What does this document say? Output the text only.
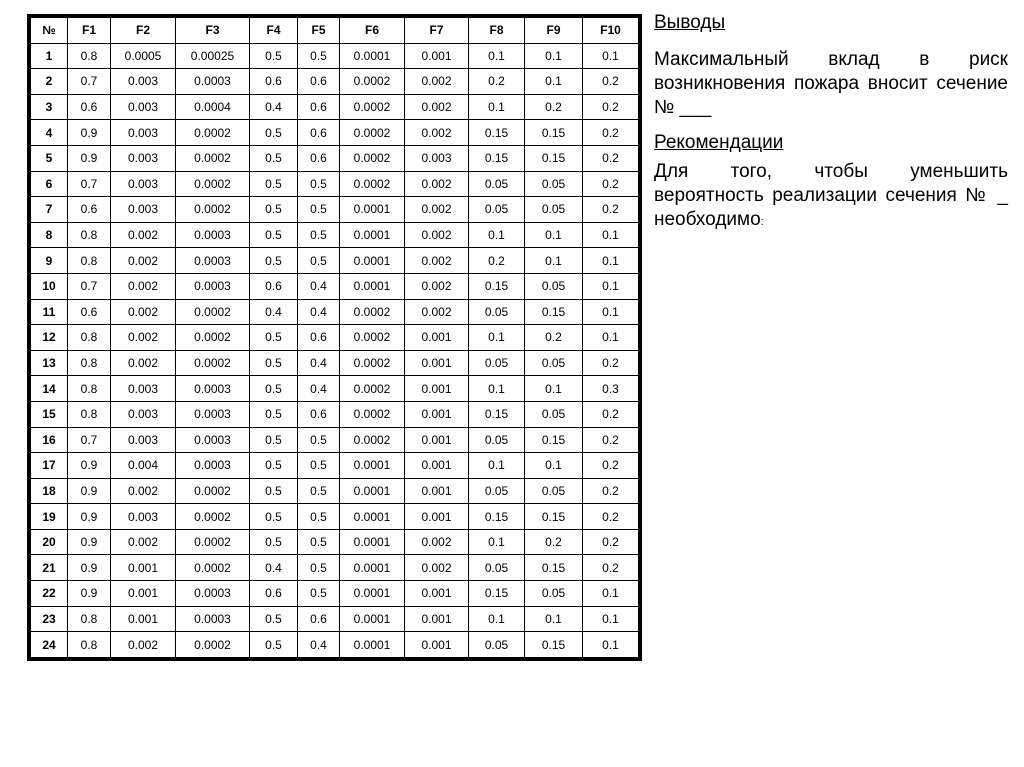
№	F1	F2	F3	F4	F5	F6	F7	F8	F9	F10
1	0.8	0.0005	0.00025	0.5	0.5	0.0001	0.001	0.1	0.1	0.1
2	0.7	0.003	0.0003	0.6	0.6	0.0002	0.002	0.2	0.1	0.2
3	0.6	0.003	0.0004	0.4	0.6	0.0002	0.002	0.1	0.2	0.2
4	0.9	0.003	0.0002	0.5	0.6	0.0002	0.002	0.15	0.15	0.2
5	0.9	0.003	0.0002	0.5	0.6	0.0002	0.003	0.15	0.15	0.2
6	0.7	0.003	0.0002	0.5	0.5	0.0002	0.002	0.05	0.05	0.2
7	0.6	0.003	0.0002	0.5	0.5	0.0001	0.002	0.05	0.05	0.2
8	0.8	0.002	0.0003	0.5	0.5	0.0001	0.002	0.1	0.1	0.1
9	0.8	0.002	0.0003	0.5	0.5	0.0001	0.002	0.2	0.1	0.1
10	0.7	0.002	0.0003	0.6	0.4	0.0001	0.002	0.15	0.05	0.1
11	0.6	0.002	0.0002	0.4	0.4	0.0002	0.002	0.05	0.15	0.1
12	0.8	0.002	0.0002	0.5	0.6	0.0002	0.001	0.1	0.2	0.1
13	0.8	0.002	0.0002	0.5	0.4	0.0002	0.001	0.05	0.05	0.2
14	0.8	0.003	0.0003	0.5	0.4	0.0002	0.001	0.1	0.1	0.3
15	0.8	0.003	0.0003	0.5	0.6	0.0002	0.001	0.15	0.05	0.2
16	0.7	0.003	0.0003	0.5	0.5	0.0002	0.001	0.05	0.15	0.2
17	0.9	0.004	0.0003	0.5	0.5	0.0001	0.001	0.1	0.1	0.2
18	0.9	0.002	0.0002	0.5	0.5	0.0001	0.001	0.05	0.05	0.2
19	0.9	0.003	0.0002	0.5	0.5	0.0001	0.001	0.15	0.15	0.2
20	0.9	0.002	0.0002	0.5	0.5	0.0001	0.002	0.1	0.2	0.2
21	0.9	0.001	0.0002	0.4	0.5	0.0001	0.002	0.05	0.15	0.2
22	0.9	0.001	0.0003	0.6	0.5	0.0001	0.001	0.15	0.05	0.1
23	0.8	0.001	0.0003	0.5	0.6	0.0001	0.001	0.1	0.1	0.1
24	0.8	0.002	0.0002	0.5	0.4	0.0001	0.001	0.05	0.15	0.1
Выводы

Максимальный вклад в риск возникновения пожара вносит сечение № ___

Рекомендации

Для того, чтобы уменьшить вероятность реализации сечения № _ необходимо:
